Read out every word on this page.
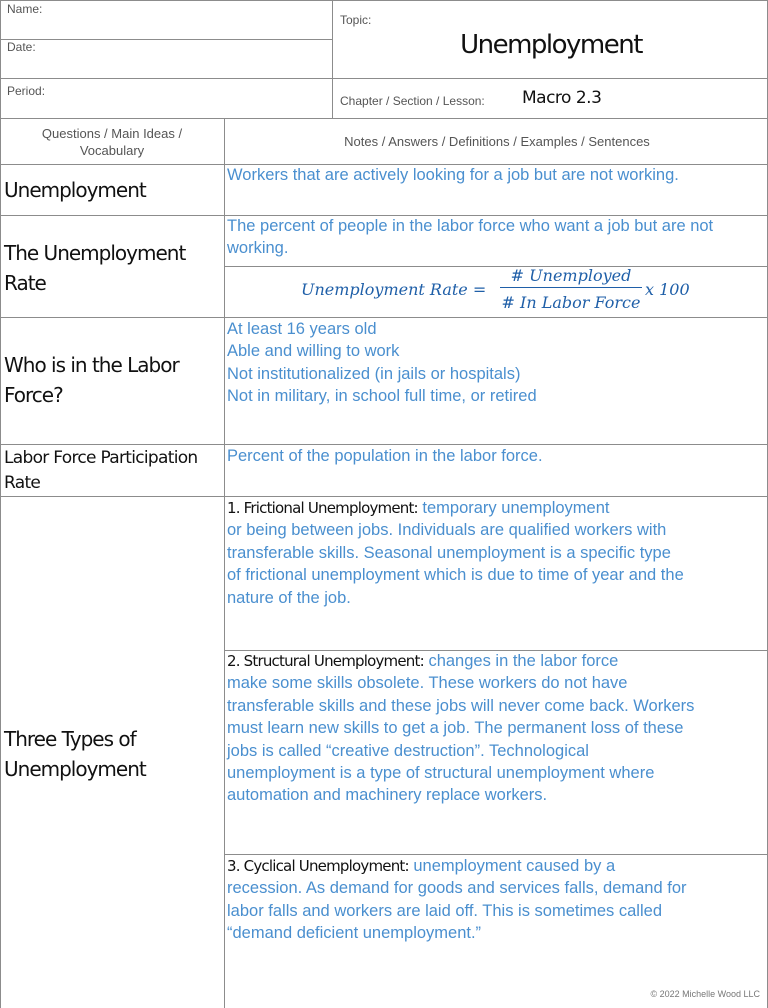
Name:
Date:
Period:
Topic:
Unemployment
Chapter / Section / Lesson: Macro 2.3
Questions / Main Ideas / Vocabulary
Notes / Answers / Definitions / Examples / Sentences
Unemployment
Workers that are actively looking for a job but are not working.
The Unemployment Rate
The percent of people in the labor force who want a job but are not working.
Unemployment Rate =
# Unemployed
# In Labor Force
x 100
Who is in the Labor Force?
At least 16 years old
Able and willing to work
Not institutionalized (in jails or hospitals)
Not in military, in school full time, or retired
Labor Force Participation Rate
Percent of the population in the labor force.
Three Types of Unemployment
1. Frictional Unemployment: temporary unemployment
or being between jobs. Individuals are qualified workers with
transferable skills. Seasonal unemployment is a specific type
of frictional unemployment which is due to time of year and the
nature of the job.
2. Structural Unemployment: changes in the labor force
make some skills obsolete. These workers do not have
transferable skills and these jobs will never come back. Workers
must learn new skills to get a job. The permanent loss of these
jobs is called “creative destruction”. Technological
unemployment is a type of structural unemployment where
automation and machinery replace workers.
3. Cyclical Unemployment: unemployment caused by a
recession. As demand for goods and services falls, demand for
labor falls and workers are laid off. This is sometimes called
“demand deficient unemployment.”
© 2022 Michelle Wood LLC
